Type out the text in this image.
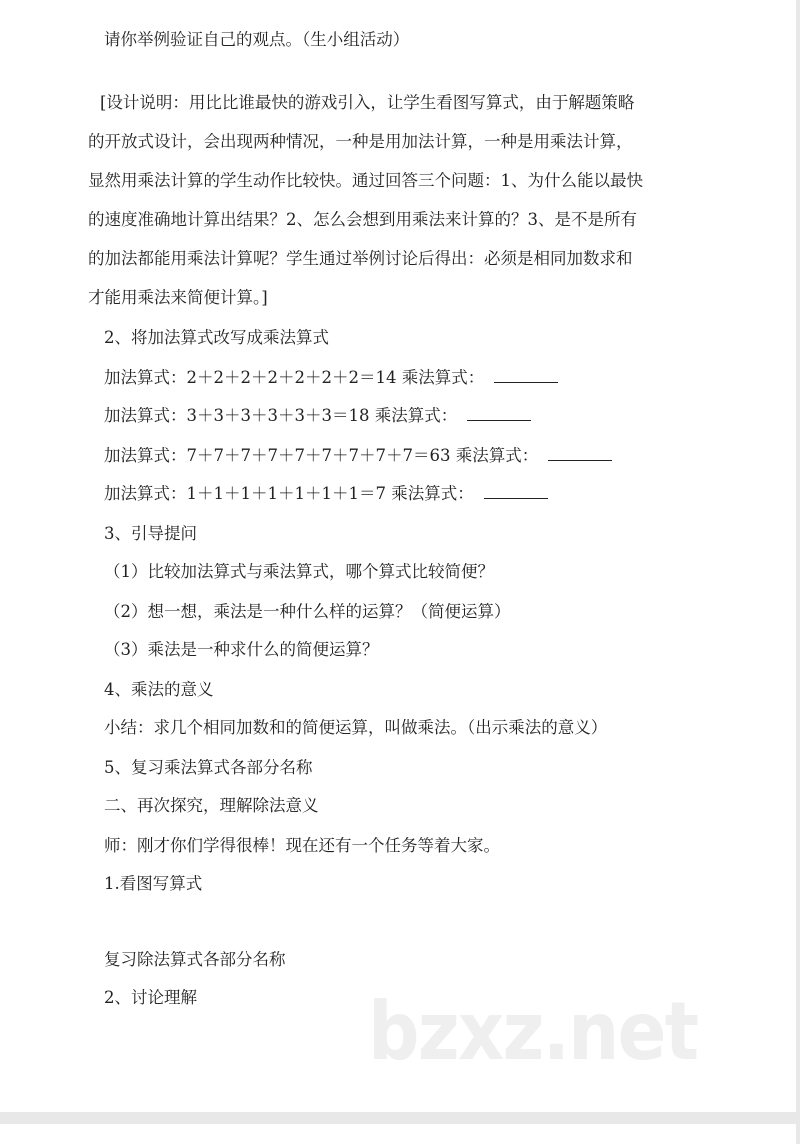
请你举例验证自己的观点。（生小组活动）
[设计说明：用比比谁最快的游戏引入，让学生看图写算式，由于解题策略
的开放式设计，会出现两种情况，一种是用加法计算，一种是用乘法计算，
显然用乘法计算的学生动作比较快。通过回答三个问题：1、为什么能以最快
的速度准确地计算出结果？2、怎么会想到用乘法来计算的？3、是不是所有
的加法都能用乘法计算呢？学生通过举例讨论后得出：必须是相同加数求和
才能用乘法来简便计算。]
2、将加法算式改写成乘法算式
加法算式：2＋2＋2＋2＋2＋2＋2＝14 乘法算式：
加法算式：3＋3＋3＋3＋3＋3＝18 乘法算式：
加法算式：7＋7＋7＋7＋7＋7＋7＋7＋7＝63 乘法算式：
加法算式：1＋1＋1＋1＋1＋1＋1＝7 乘法算式：
3、引导提问
（1）比较加法算式与乘法算式，哪个算式比较简便？
（2）想一想，乘法是一种什么样的运算？（简便运算）
（3）乘法是一种求什么的简便运算？
4、乘法的意义
小结：求几个相同加数和的简便运算，叫做乘法。（出示乘法的意义）
5、复习乘法算式各部分名称
二、再次探究，理解除法意义
师：刚才你们学得很棒！现在还有一个任务等着大家。
1.看图写算式
复习除法算式各部分名称
2、讨论理解 bzxz.net
